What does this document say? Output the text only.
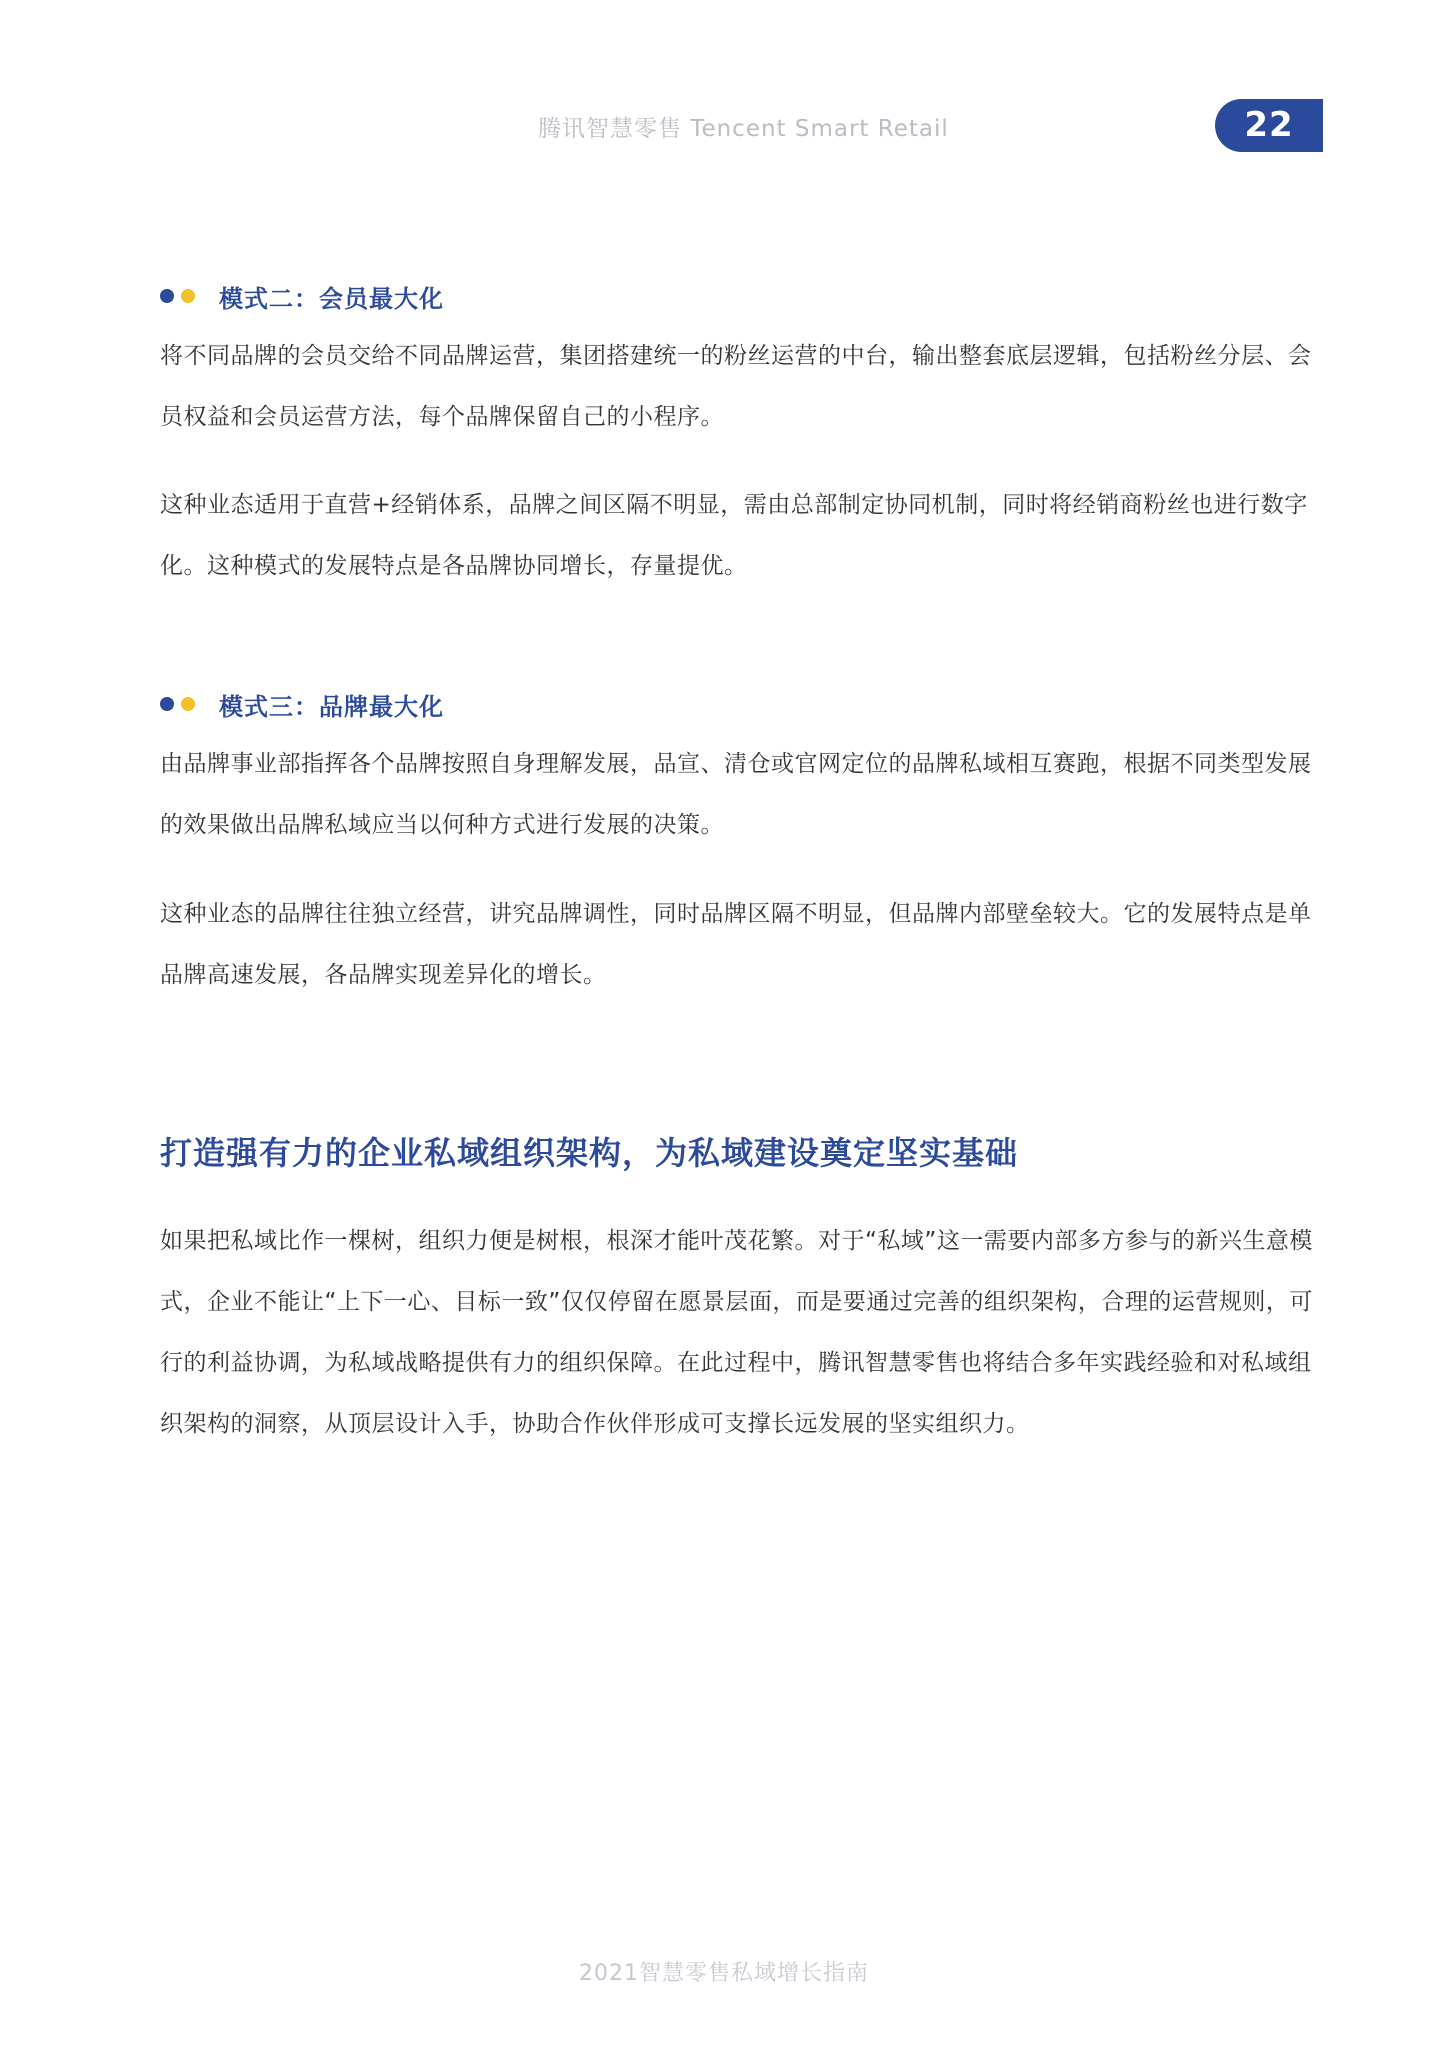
腾讯智慧零售 Tencent Smart Retail	22
模式二：会员最大化

将不同品牌的会员交给不同品牌运营，集团搭建统一的粉丝运营的中台，输出整套底层逻辑，包括粉丝分层、会员权益和会员运营方法，每个品牌保留自己的小程序。

这种业态适用于直营+经销体系，品牌之间区隔不明显，需由总部制定协同机制，同时将经销商粉丝也进行数字化。这种模式的发展特点是各品牌协同增长，存量提优。

模式三：品牌最大化

由品牌事业部指挥各个品牌按照自身理解发展，品宣、清仓或官网定位的品牌私域相互赛跑，根据不同类型发展的效果做出品牌私域应当以何种方式进行发展的决策。

这种业态的品牌往往独立经营，讲究品牌调性，同时品牌区隔不明显，但品牌内部壁垒较大。它的发展特点是单品牌高速发展，各品牌实现差异化的增长。

打造强有力的企业私域组织架构，为私域建设奠定坚实基础

如果把私域比作一棵树，组织力便是树根，根深才能叶茂花繁。对于“私域”这一需要内部多方参与的新兴生意模式，企业不能让“上下一心、目标一致”仅仅停留在愿景层面，而是要通过完善的组织架构，合理的运营规则，可行的利益协调，为私域战略提供有力的组织保障。在此过程中，腾讯智慧零售也将结合多年实践经验和对私域组织架构的洞察，从顶层设计入手，协助合作伙伴形成可支撑长远发展的坚实组织力。

2021智慧零售私域增长指南
